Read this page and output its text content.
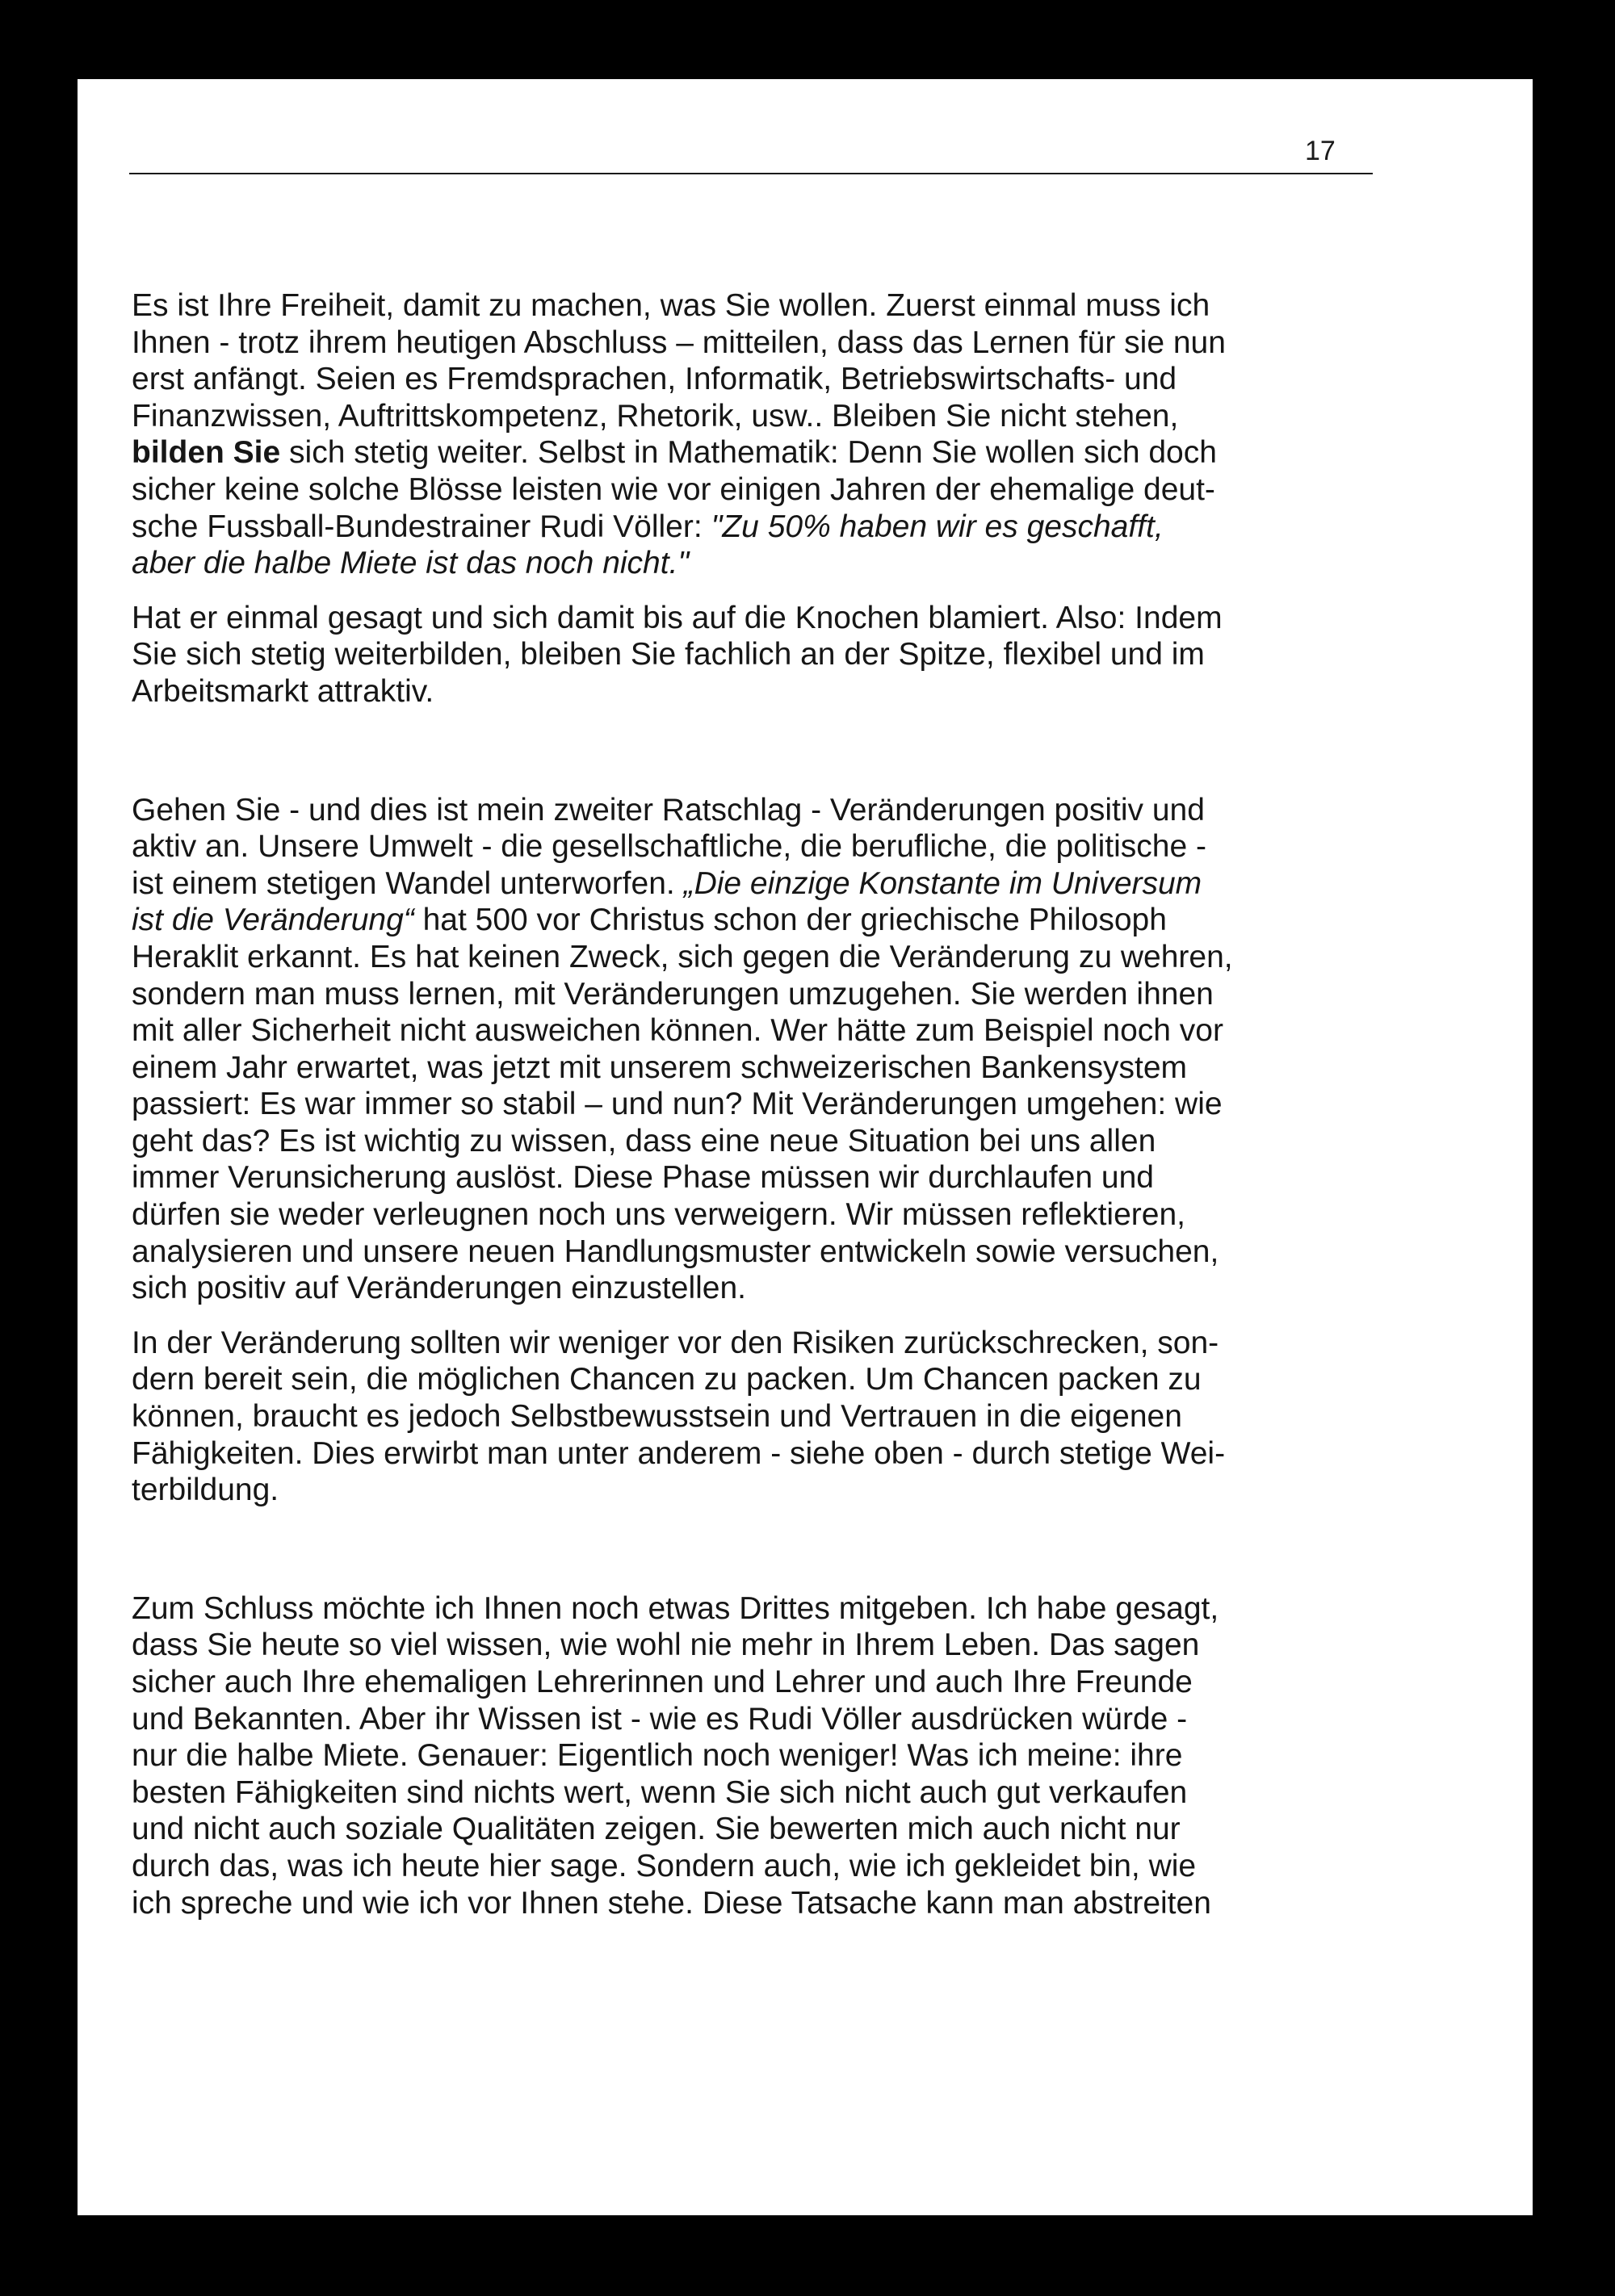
17

Es ist Ihre Freiheit, damit zu machen, was Sie wollen. Zuerst einmal muss ich
Ihnen - trotz ihrem heutigen Abschluss – mitteilen, dass das Lernen für sie nun
erst anfängt. Seien es Fremdsprachen, Informatik, Betriebswirtschafts- und
Finanzwissen, Auftrittskompetenz, Rhetorik, usw.. Bleiben Sie nicht stehen,
bilden Sie sich stetig weiter. Selbst in Mathematik: Denn Sie wollen sich doch
sicher keine solche Blösse leisten wie vor einigen Jahren der ehemalige deut-
sche Fussball-Bundestrainer Rudi Völler: "Zu 50% haben wir es geschafft,
aber die halbe Miete ist das noch nicht."

Hat er einmal gesagt und sich damit bis auf die Knochen blamiert. Also: Indem
Sie sich stetig weiterbilden, bleiben Sie fachlich an der Spitze, flexibel und im
Arbeitsmarkt attraktiv.

Gehen Sie - und dies ist mein zweiter Ratschlag - Veränderungen positiv und
aktiv an. Unsere Umwelt - die gesellschaftliche, die berufliche, die politische -
ist einem stetigen Wandel unterworfen. „Die einzige Konstante im Universum
ist die Veränderung“ hat 500 vor Christus schon der griechische Philosoph
Heraklit erkannt. Es hat keinen Zweck, sich gegen die Veränderung zu wehren,
sondern man muss lernen, mit Veränderungen umzugehen. Sie werden ihnen
mit aller Sicherheit nicht ausweichen können. Wer hätte zum Beispiel noch vor
einem Jahr erwartet, was jetzt mit unserem schweizerischen Bankensystem
passiert: Es war immer so stabil – und nun? Mit Veränderungen umgehen: wie
geht das? Es ist wichtig zu wissen, dass eine neue Situation bei uns allen
immer Verunsicherung auslöst. Diese Phase müssen wir durchlaufen und
dürfen sie weder verleugnen noch uns verweigern. Wir müssen reflektieren,
analysieren und unsere neuen Handlungsmuster entwickeln sowie versuchen,
sich positiv auf Veränderungen einzustellen.

In der Veränderung sollten wir weniger vor den Risiken zurückschrecken, son-
dern bereit sein, die möglichen Chancen zu packen. Um Chancen packen zu
können, braucht es jedoch Selbstbewusstsein und Vertrauen in die eigenen
Fähigkeiten. Dies erwirbt man unter anderem - siehe oben - durch stetige Wei-
terbildung.

Zum Schluss möchte ich Ihnen noch etwas Drittes mitgeben. Ich habe gesagt,
dass Sie heute so viel wissen, wie wohl nie mehr in Ihrem Leben. Das sagen
sicher auch Ihre ehemaligen Lehrerinnen und Lehrer und auch Ihre Freunde
und Bekannten. Aber ihr Wissen ist - wie es Rudi Völler ausdrücken würde -
nur die halbe Miete. Genauer: Eigentlich noch weniger! Was ich meine: ihre
besten Fähigkeiten sind nichts wert, wenn Sie sich nicht auch gut verkaufen
und nicht auch soziale Qualitäten zeigen. Sie bewerten mich auch nicht nur
durch das, was ich heute hier sage. Sondern auch, wie ich gekleidet bin, wie
ich spreche und wie ich vor Ihnen stehe. Diese Tatsache kann man abstreiten
